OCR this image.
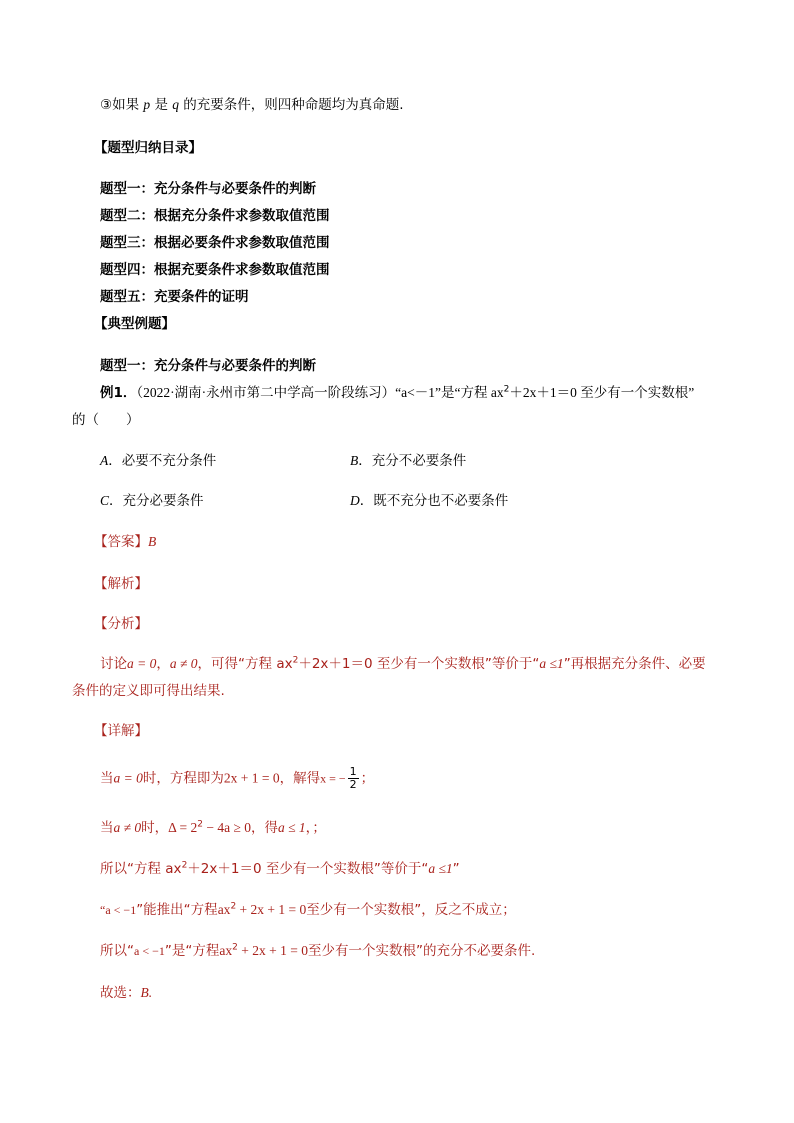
③如果 p 是 q 的充要条件，则四种命题均为真命题.
【题型归纳目录】
题型一：充分条件与必要条件的判断
题型二：根据充分条件求参数取值范围
题型三：根据必要条件求参数取值范围
题型四：根据充要条件求参数取值范围
题型五：充要条件的证明
【典型例题】
题型一：充分条件与必要条件的判断
例1．（2022·湖南·永州市第二中学高一阶段练习）“a<－1”是“方程 $ax^2+2x+1=0$ 至少有一个实数根”
的（　　）
A．必要不充分条件	B．充分不必要条件
C．充分必要条件	D．既不充分也不必要条件
【答案】B
【解析】
【分析】
讨论a = 0，a ≠ 0，可得“方程 $ax^2+2x+1=0$ 至少有一个实数根”等价于“a ≤1”再根据充分条件、必要
条件的定义即可得出结果.
【详解】
当a = 0时，方程即为2x + 1 = 0，解得x = − $\frac{1}{2}$ ；
当a ≠ 0时，$\Delta = 2^2 - 4a \ge 0$，得a ≤ 1，；
所以“方程 $ax^2+2x+1=0$ 至少有一个实数根”等价于“a ≤1”
“a < −1”能推出“方程$ax^2 + 2x + 1 = 0$至少有一个实数根”，反之不成立；
所以“a < −1”是“方程$ax^2 + 2x + 1 = 0$至少有一个实数根”的充分不必要条件.
故选：B.
